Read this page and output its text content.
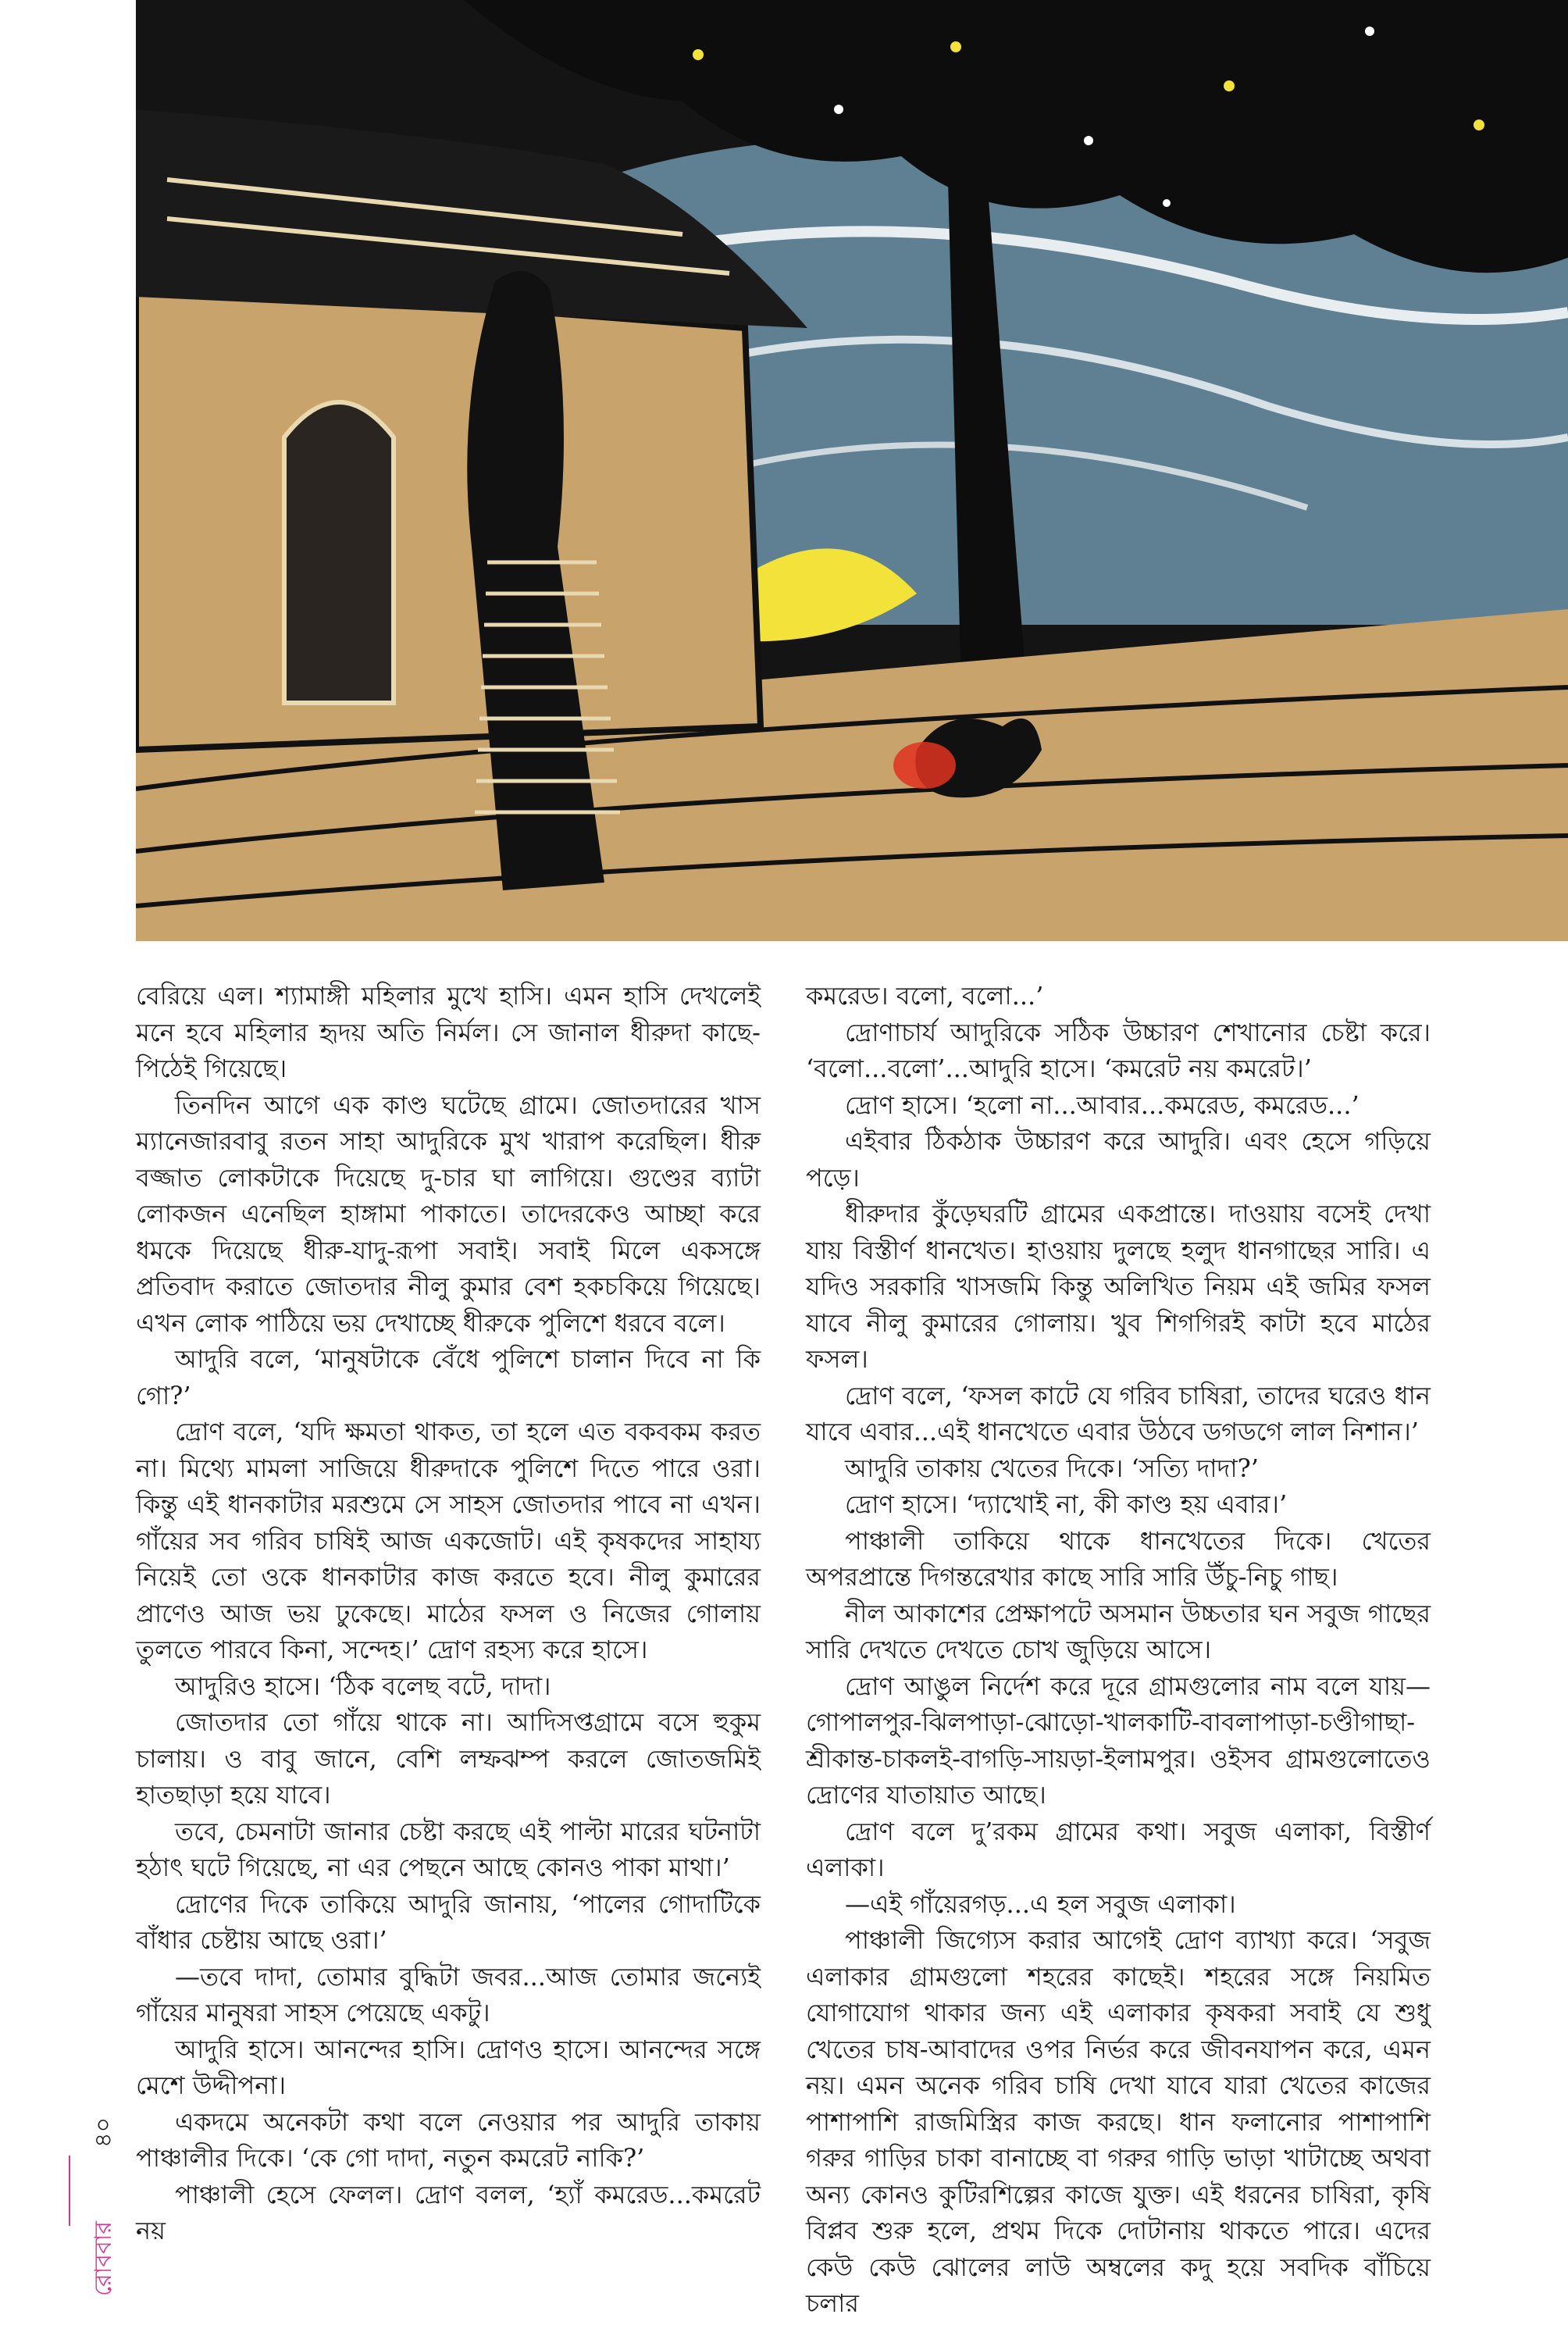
বেরিয়ে এল। শ্যামাঙ্গী মহিলার মুখে হাসি। এমন হাসি দেখলেই মনে হবে মহিলার হৃদয় অতি নির্মল। সে জানাল ধীরুদা কাছে-পিঠেই গিয়েছে।

তিনদিন আগে এক কাণ্ড ঘটেছে গ্রামে। জোতদারের খাস ম্যানেজারবাবু রতন সাহা আদুরিকে মুখ খারাপ করেছিল। ধীরু বজ্জাত লোকটাকে দিয়েছে দু-চার ঘা লাগিয়ে। গুণ্ডের ব্যাটা লোকজন এনেছিল হাঙ্গামা পাকাতে। তাদেরকেও আচ্ছা করে ধমকে দিয়েছে ধীরু-যাদু-রূপা সবাই। সবাই মিলে একসঙ্গে প্রতিবাদ করাতে জোতদার নীলু কুমার বেশ হকচকিয়ে গিয়েছে। এখন লোক পাঠিয়ে ভয় দেখাচ্ছে ধীরুকে পুলিশে ধরবে বলে।

আদুরি বলে, ‘মানুষটাকে বেঁধে পুলিশে চালান দিবে না কি গো?’

দ্রোণ বলে, ‘যদি ক্ষমতা থাকত, তা হলে এত বকবকম করত না। মিথ্যে মামলা সাজিয়ে ধীরুদাকে পুলিশে দিতে পারে ওরা। কিন্তু এই ধানকাটার মরশুমে সে সাহস জোতদার পাবে না এখন। গাঁয়ের সব গরিব চাষিই আজ একজোট। এই কৃষকদের সাহায্য নিয়েই তো ওকে ধানকাটার কাজ করতে হবে। নীলু কুমারের প্রাণেও আজ ভয় ঢুকেছে। মাঠের ফসল ও নিজের গোলায় তুলতে পারবে কিনা, সন্দেহ।’ দ্রোণ রহস্য করে হাসে।

আদুরিও হাসে। ‘ঠিক বলেছ বটে, দাদা।

জোতদার তো গাঁয়ে থাকে না। আদিসপ্তগ্রামে বসে হুকুম চালায়। ও বাবু জানে, বেশি লম্ফঝম্প করলে জোতজমিই হাতছাড়া হয়ে যাবে।

তবে, চেমনাটা জানার চেষ্টা করছে এই পাল্টা মারের ঘটনাটা হঠাৎ ঘটে গিয়েছে, না এর পেছনে আছে কোনও পাকা মাথা।’

দ্রোণের দিকে তাকিয়ে আদুরি জানায়, ‘পালের গোদাটিকে বাঁধার চেষ্টায় আছে ওরা।’

—তবে দাদা, তোমার বুদ্ধিটা জবর...আজ তোমার জন্যেই গাঁয়ের মানুষরা সাহস পেয়েছে একটু।

আদুরি হাসে। আনন্দের হাসি। দ্রোণও হাসে। আনন্দের সঙ্গে মেশে উদ্দীপনা।

একদমে অনেকটা কথা বলে নেওয়ার পর আদুরি তাকায় পাঞ্চালীর দিকে। ‘কে গো দাদা, নতুন কমরেট নাকি?’

পাঞ্চালী হেসে ফেলল। দ্রোণ বলল, ‘হ্যাঁ কমরেড...কমরেট নয়

কমরেড। বলো, বলো...’

দ্রোণাচার্য আদুরিকে সঠিক উচ্চারণ শেখানোর চেষ্টা করে। ‘বলো...বলো’...আদুরি হাসে। ‘কমরেট নয় কমরেট।’

দ্রোণ হাসে। ‘হলো না...আবার...কমরেড, কমরেড...’

এইবার ঠিকঠাক উচ্চারণ করে আদুরি। এবং হেসে গড়িয়ে পড়ে।

ধীরুদার কুঁড়েঘরটি গ্রামের একপ্রান্তে। দাওয়ায় বসেই দেখা যায় বিস্তীর্ণ ধানখেত। হাওয়ায় দুলছে হলুদ ধানগাছের সারি। এ যদিও সরকারি খাসজমি কিন্তু অলিখিত নিয়ম এই জমির ফসল যাবে নীলু কুমারের গোলায়। খুব শিগগিরই কাটা হবে মাঠের ফসল।

দ্রোণ বলে, ‘ফসল কাটে যে গরিব চাষিরা, তাদের ঘরেও ধান যাবে এবার...এই ধানখেতে এবার উঠবে ডগডগে লাল নিশান।’

আদুরি তাকায় খেতের দিকে। ‘সত্যি দাদা?’

দ্রোণ হাসে। ‘দ্যাখোই না, কী কাণ্ড হয় এবার।’

পাঞ্চালী তাকিয়ে থাকে ধানখেতের দিকে। খেতের অপরপ্রান্তে দিগন্তরেখার কাছে সারি সারি উঁচু-নিচু গাছ।

নীল আকাশের প্রেক্ষাপটে অসমান উচ্চতার ঘন সবুজ গাছের সারি দেখতে দেখতে চোখ জুড়িয়ে আসে।

দ্রোণ আঙুল নির্দেশ করে দূরে গ্রামগুলোর নাম বলে যায়—গোপালপুর-ঝিলপাড়া-ঝোড়ো-খালকাটি-বাবলাপাড়া-চণ্ডীগাছা-শ্রীকান্ত-চাকলই-বাগড়ি-সায়ড়া-ইলামপুর। ওইসব গ্রামগুলোতেও দ্রোণের যাতায়াত আছে।

দ্রোণ বলে দু’রকম গ্রামের কথা। সবুজ এলাকা, বিস্তীর্ণ এলাকা।

—এই গাঁয়েরগড়...এ হল সবুজ এলাকা।

পাঞ্চালী জিগ্যেস করার আগেই দ্রোণ ব্যাখ্যা করে। ‘সবুজ এলাকার গ্রামগুলো শহরের কাছেই। শহরের সঙ্গে নিয়মিত যোগাযোগ থাকার জন্য এই এলাকার কৃষকরা সবাই যে শুধু খেতের চাষ-আবাদের ওপর নির্ভর করে জীবনযাপন করে, এমন নয়। এমন অনেক গরিব চাষি দেখা যাবে যারা খেতের কাজের পাশাপাশি রাজমিস্ত্রির কাজ করছে। ধান ফলানোর পাশাপাশি গরুর গাড়ির চাকা বানাচ্ছে বা গরুর গাড়ি ভাড়া খাটাচ্ছে অথবা অন্য কোনও কুটিরশিল্পের কাজে যুক্ত। এই ধরনের চাষিরা, কৃষি বিপ্লব শুরু হলে, প্রথম দিকে দোটানায় থাকতে পারে। এদের কেউ কেউ ঝোলের লাউ অম্বলের কদু হয়ে সবদিক বাঁচিয়ে চলার

৪০
রোববার
